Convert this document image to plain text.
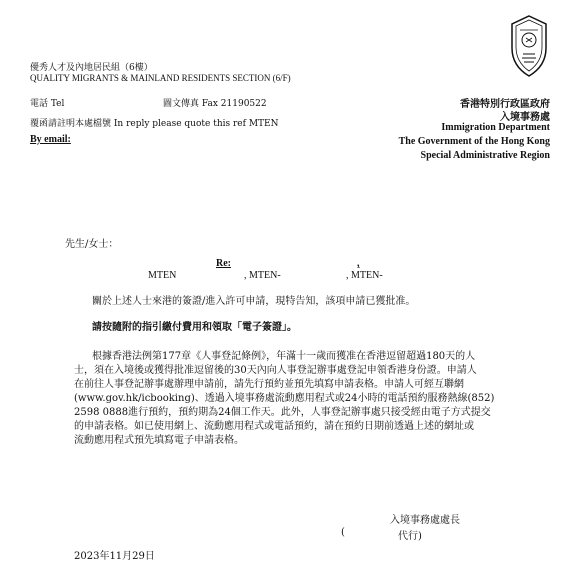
優秀人才及內地居民組（6樓）
QUALITY MIGRANTS & MAINLAND RESIDENTS SECTION (6/F)
電話 Tel	圖文傳真 Fax 21190522
覆函請註明本處檔號 In reply please quote this ref MTEN
By email:
香港特別行政區政府
入境事務處
Immigration Department
The Government of the Hong Kong
Special Administrative Region
先生/女士：
Re:	,
MTEN	, MTEN-	, MTEN-
關於上述人士來港的簽證/進入許可申請，現特告知，該項申請已獲批准。
請按隨附的指引繳付費用和領取「電子簽證」。
根據香港法例第177章《人事登記條例》，年滿十一歲而獲准在香港逗留超過180天的人
士，須在入境後或獲得批准逗留後的30天內向人事登記辦事處登記申領香港身份證。申請人
在前往人事登記辦事處辦理申請前，請先行預約並預先填寫申請表格。申請人可經互聯網
(www.gov.hk/icbooking)、透過入境事務處流動應用程式或24小時的電話預約服務熱線(852)
2598 0888進行預約，預約期為24個工作天。此外，人事登記辦事處只接受經由電子方式提交
的申請表格。如已使用網上、流動應用程式或電話預約，請在預約日期前透過上述的網址或
流動應用程式預先填寫電子申請表格。
入境事務處處長
(	代行)
2023年11月29日
